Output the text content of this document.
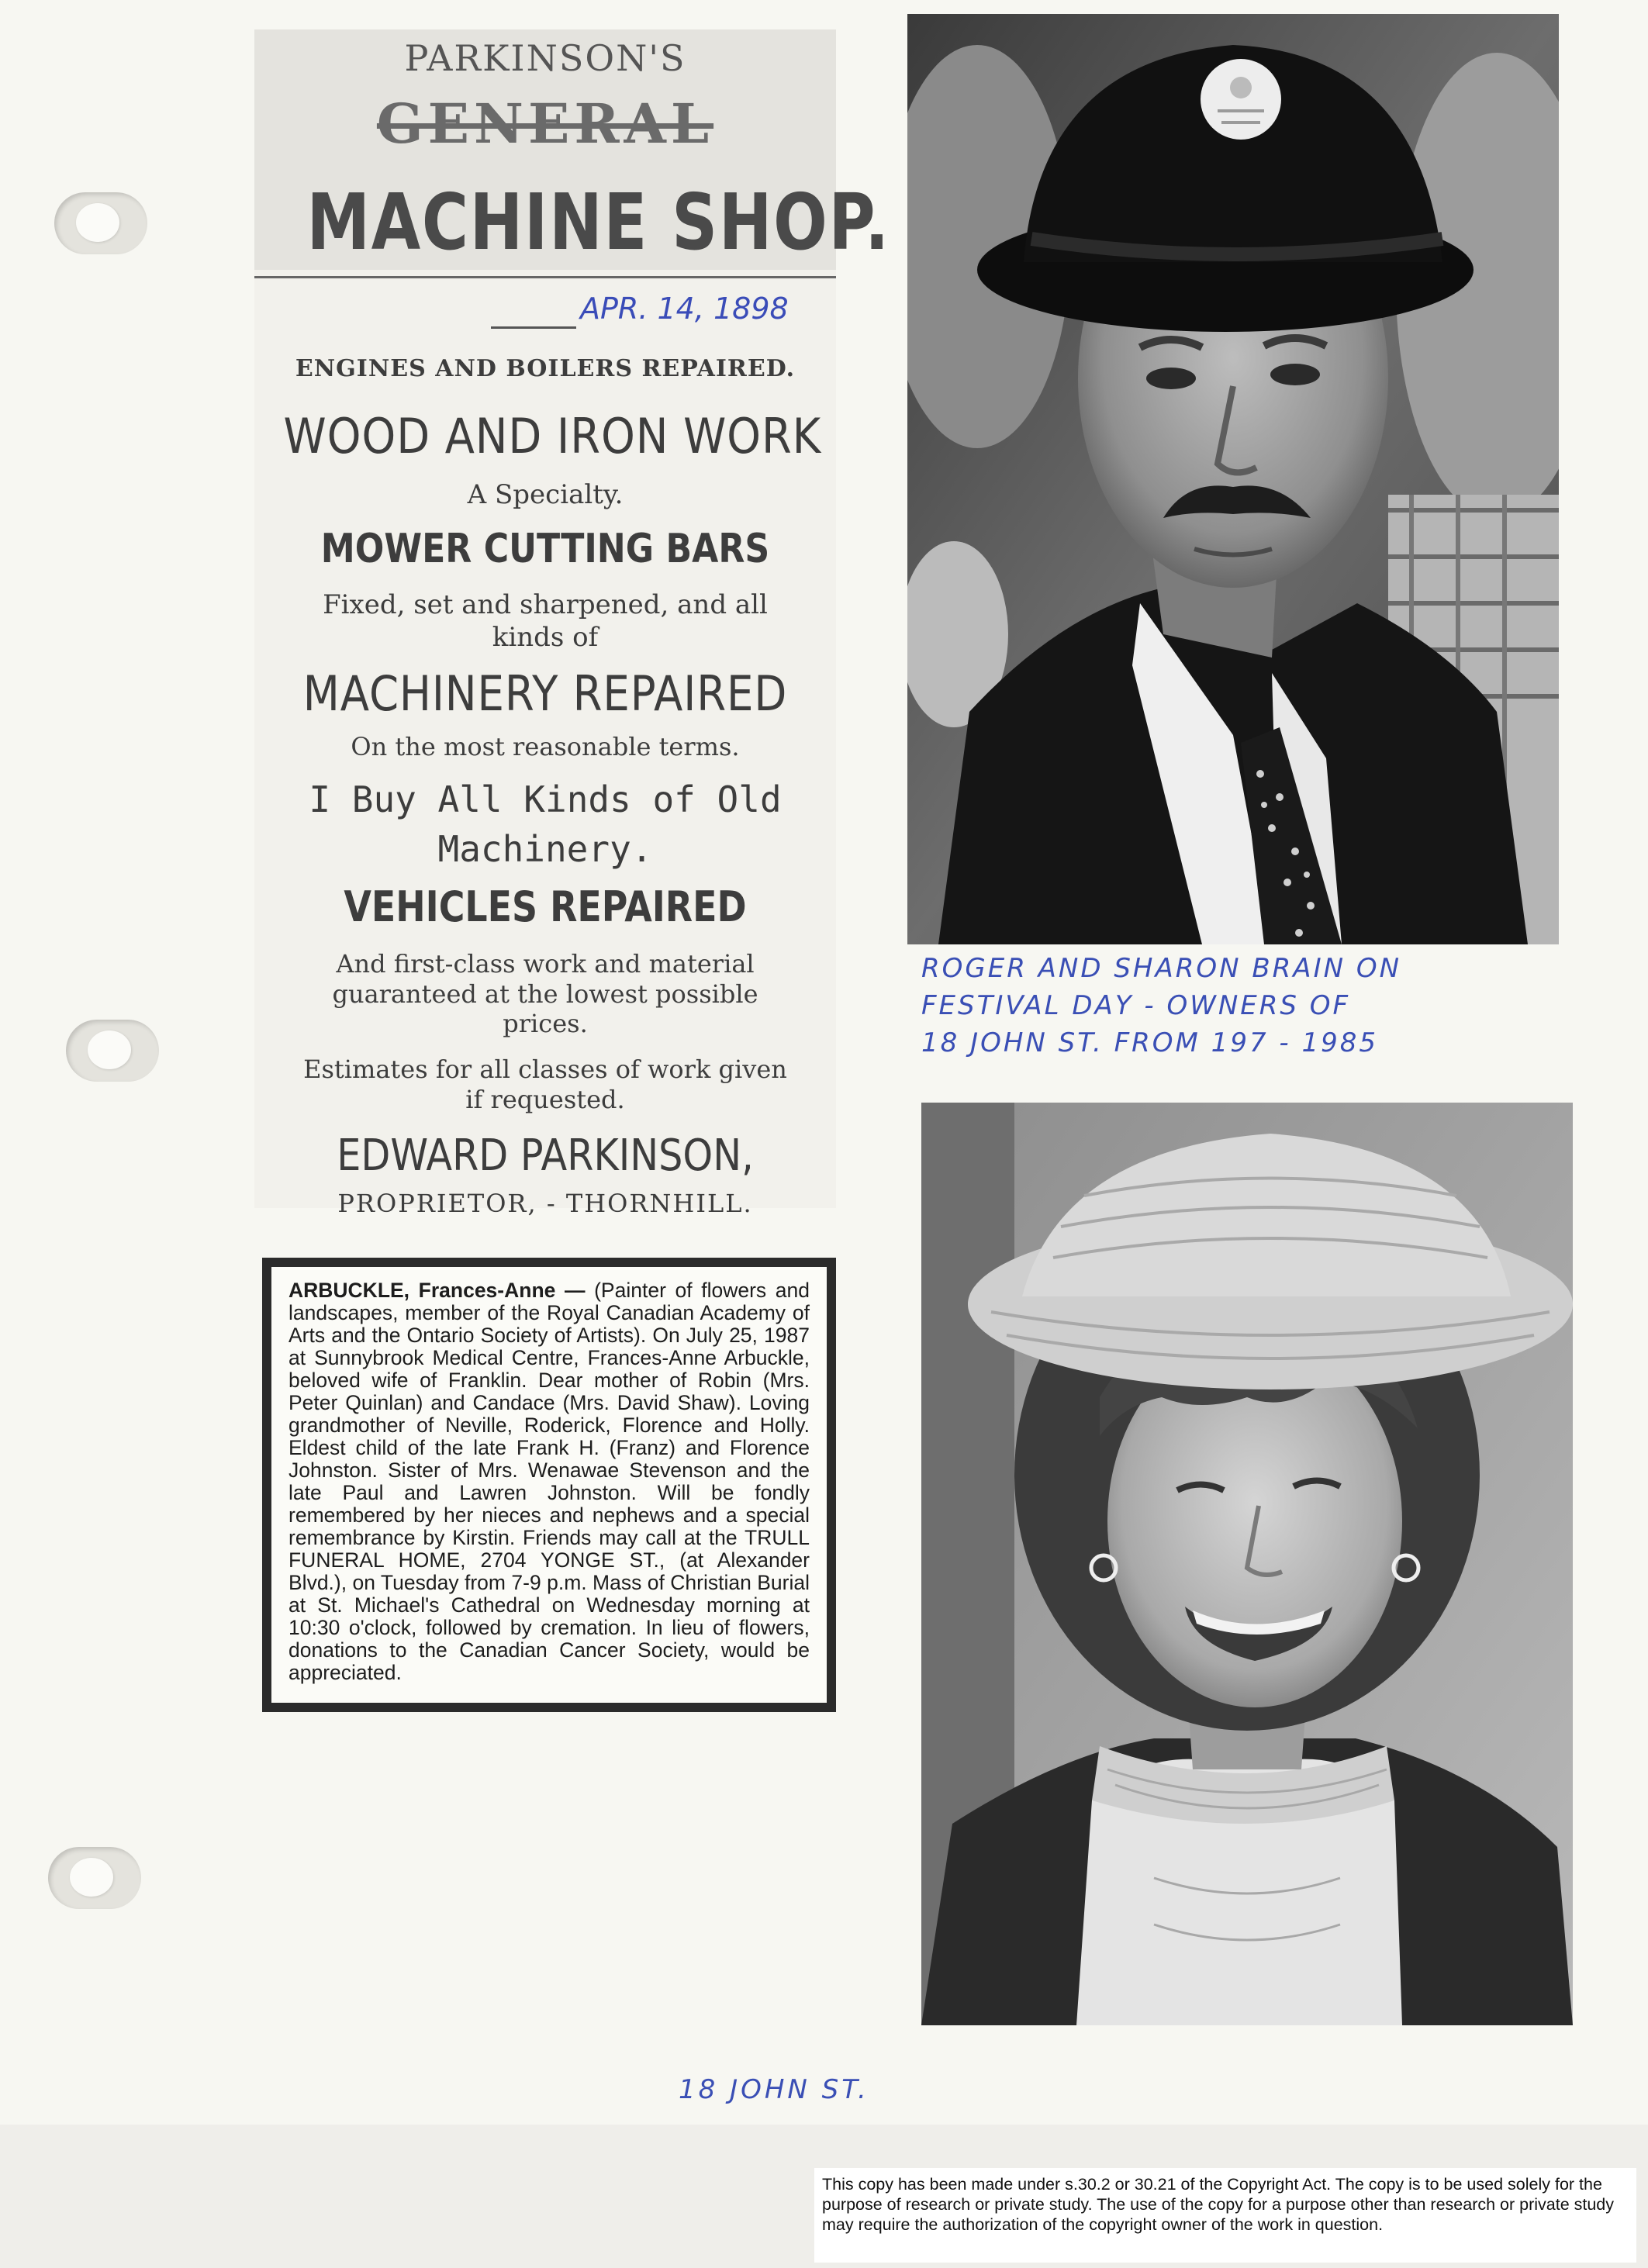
PARKINSON'S
GENERAL
MACHINE SHOP.
APR. 14, 1898
ENGINES AND BOILERS REPAIRED.
WOOD AND IRON WORK
A Specialty.
MOWER CUTTING BARS
Fixed, set and sharpened, and all
kinds of
MACHINERY REPAIRED
On the most reasonable terms.
I Buy All Kinds of Old
Machinery.
VEHICLES REPAIRED
And first-class work and material
guaranteed at the lowest possible
prices.
Estimates for all classes of work given
if requested.
EDWARD PARKINSON,
PROPRIETOR, - THORNHILL.

ARBUCKLE, Frances-Anne — (Painter of flowers and landscapes, member of the Royal Canadian Academy of Arts and the Ontario Society of Artists). On July 25, 1987 at Sunnybrook Medical Centre, Frances-Anne Arbuckle, beloved wife of Franklin. Dear mother of Robin (Mrs. Peter Quinlan) and Candace (Mrs. David Shaw). Loving grandmother of Neville, Roderick, Florence and Holly. Eldest child of the late Frank H. (Franz) and Florence Johnston. Sister of Mrs. Wenawae Stevenson and the late Paul and Lawren Johnston. Will be fondly remembered by her nieces and nephews and a special remembrance by Kirstin. Friends may call at the TRULL FUNERAL HOME, 2704 YONGE ST., (at Alexander Blvd.), on Tuesday from 7-9 p.m. Mass of Christian Burial at St. Michael's Cathedral on Wednesday morning at 10:30 o'clock, followed by cremation. In lieu of flowers, donations to the Canadian Cancer Society, would be appreciated.

ROGER AND SHARON BRAIN ON
FESTIVAL DAY - OWNERS OF
18 JOHN ST. FROM 197 - 1985
18 JOHN ST.
This copy has been made under s.30.2 or 30.21 of the Copyright Act. The copy is to be used solely for the purpose of research or private study. The use of the copy for a purpose other than research or private study may require the authorization of the copyright owner of the work in question.
